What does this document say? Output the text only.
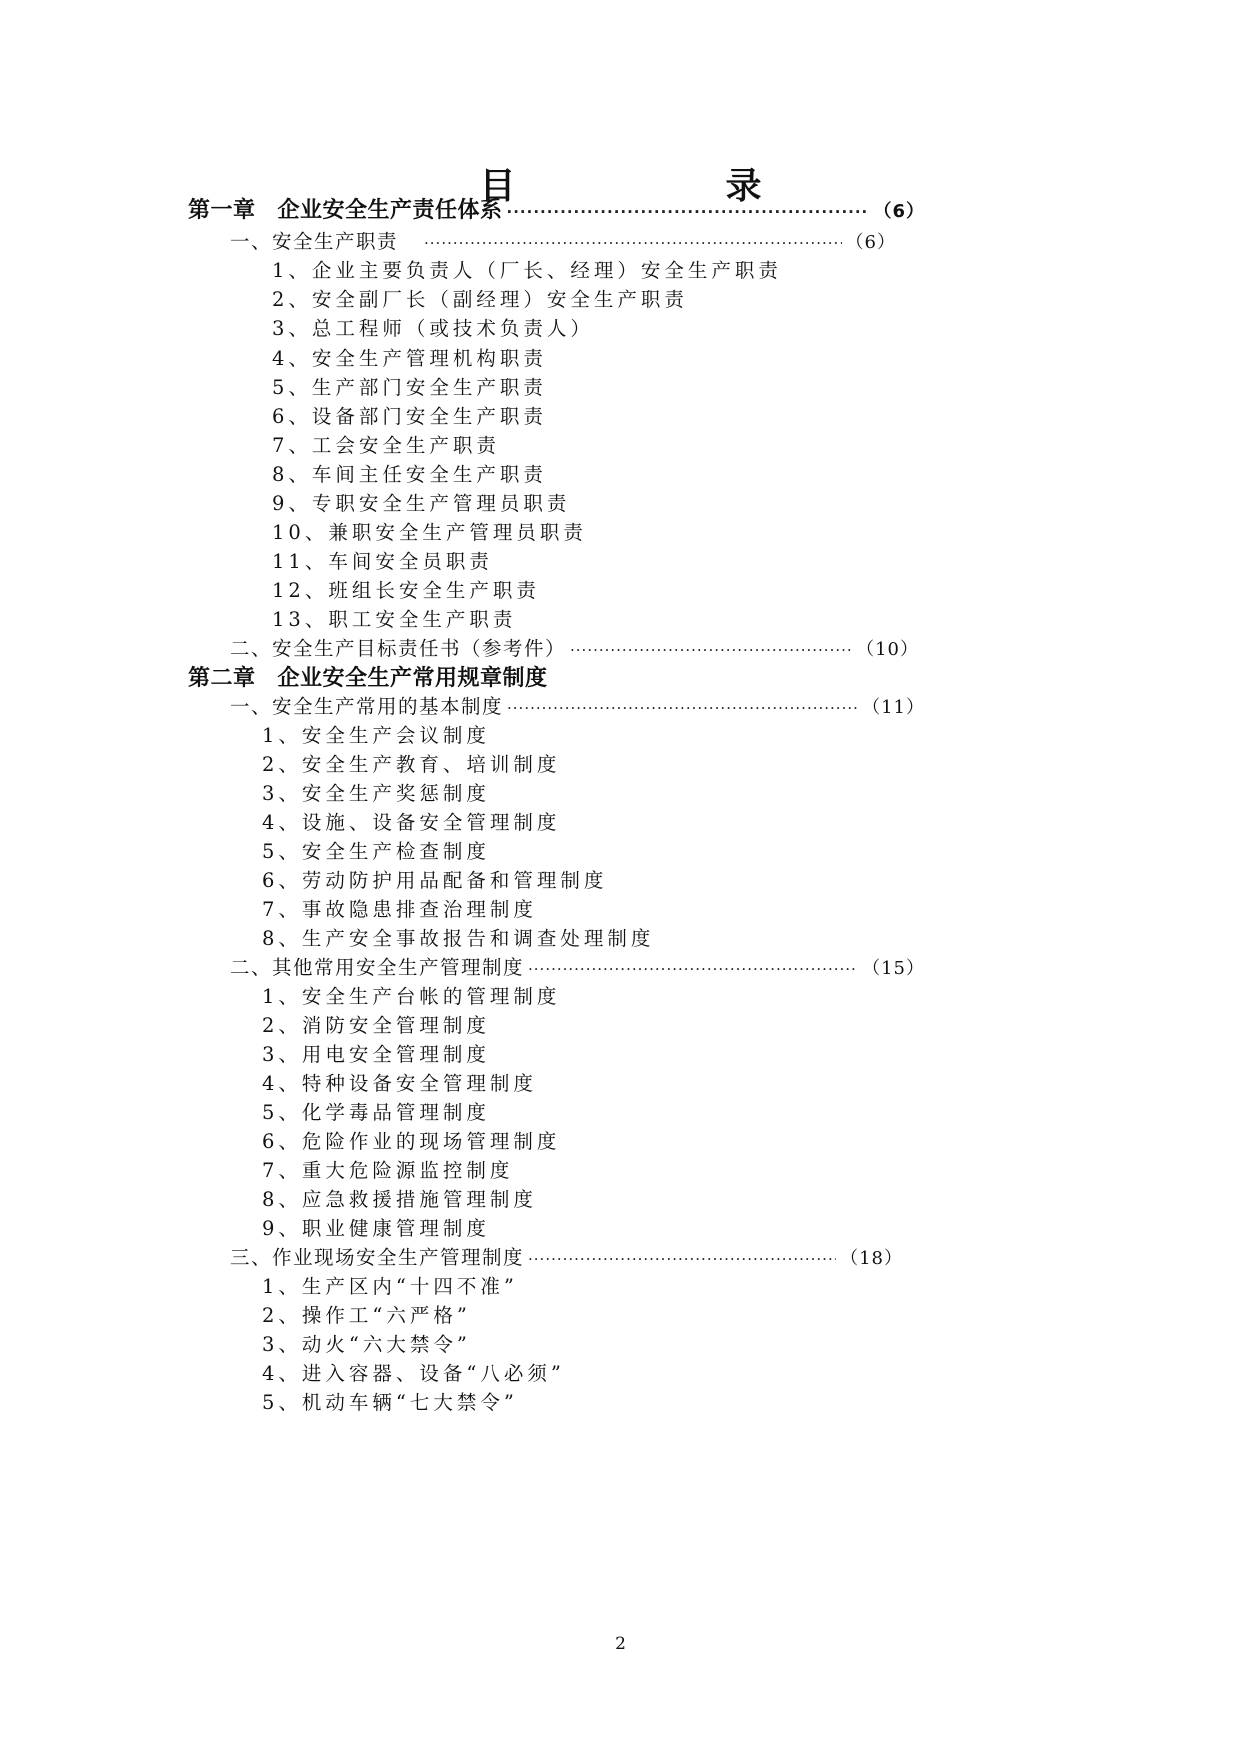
目　　录
第一章 企业安全生产责任体系 ·····	（6）
一、安全生产职责 ·····	（6）
1、企业主要负责人（厂长、经理）安全生产职责
2、安全副厂长（副经理）安全生产职责
3、总工程师（或技术负责人）
4、安全生产管理机构职责
5、生产部门安全生产职责
6、设备部门安全生产职责
7、工会安全生产职责
8、车间主任安全生产职责
9、专职安全生产管理员职责
10、兼职安全生产管理员职责
11、车间安全员职责
12、班组长安全生产职责
13、职工安全生产职责
二、安全生产目标责任书（参考件） ·····	（10）
第二章 企业安全生产常用规章制度
一、安全生产常用的基本制度 ·····	（11）
1、安全生产会议制度
2、安全生产教育、培训制度
3、安全生产奖惩制度
4、设施、设备安全管理制度
5、安全生产检查制度
6、劳动防护用品配备和管理制度
7、事故隐患排查治理制度
8、生产安全事故报告和调查处理制度
二、其他常用安全生产管理制度 ·····	（15）
1、安全生产台帐的管理制度
2、消防安全管理制度
3、用电安全管理制度
4、特种设备安全管理制度
5、化学毒品管理制度
6、危险作业的现场管理制度
7、重大危险源监控制度
8、应急救援措施管理制度
9、职业健康管理制度
三、作业现场安全生产管理制度 ·····	（18）
1、生产区内“十四不准”
2、操作工“六严格”
3、动火“六大禁令”
4、进入容器、设备“八必须”
5、机动车辆“七大禁令”
2
